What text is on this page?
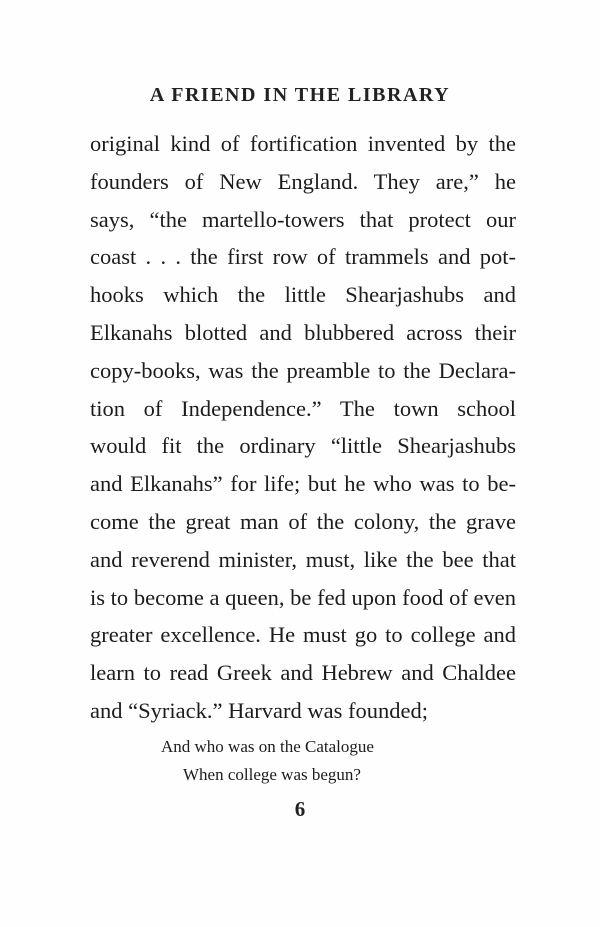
A FRIEND IN THE LIBRARY
original kind of fortification invented by the
founders of New England. They are,” he
says, “the martello-towers that protect our
coast . . . the first row of trammels and pot-
hooks which the little Shearjashubs and
Elkanahs blotted and blubbered across their
copy-books, was the preamble to the Declara-
tion of Independence.” The town school
would fit the ordinary “little Shearjashubs
and Elkanahs” for life; but he who was to be-
come the great man of the colony, the grave
and reverend minister, must, like the bee that
is to become a queen, be fed upon food of even
greater excellence. He must go to college and
learn to read Greek and Hebrew and Chaldee
and “Syriack.” Harvard was founded;
And who was on the Catalogue
When college was begun?
6
